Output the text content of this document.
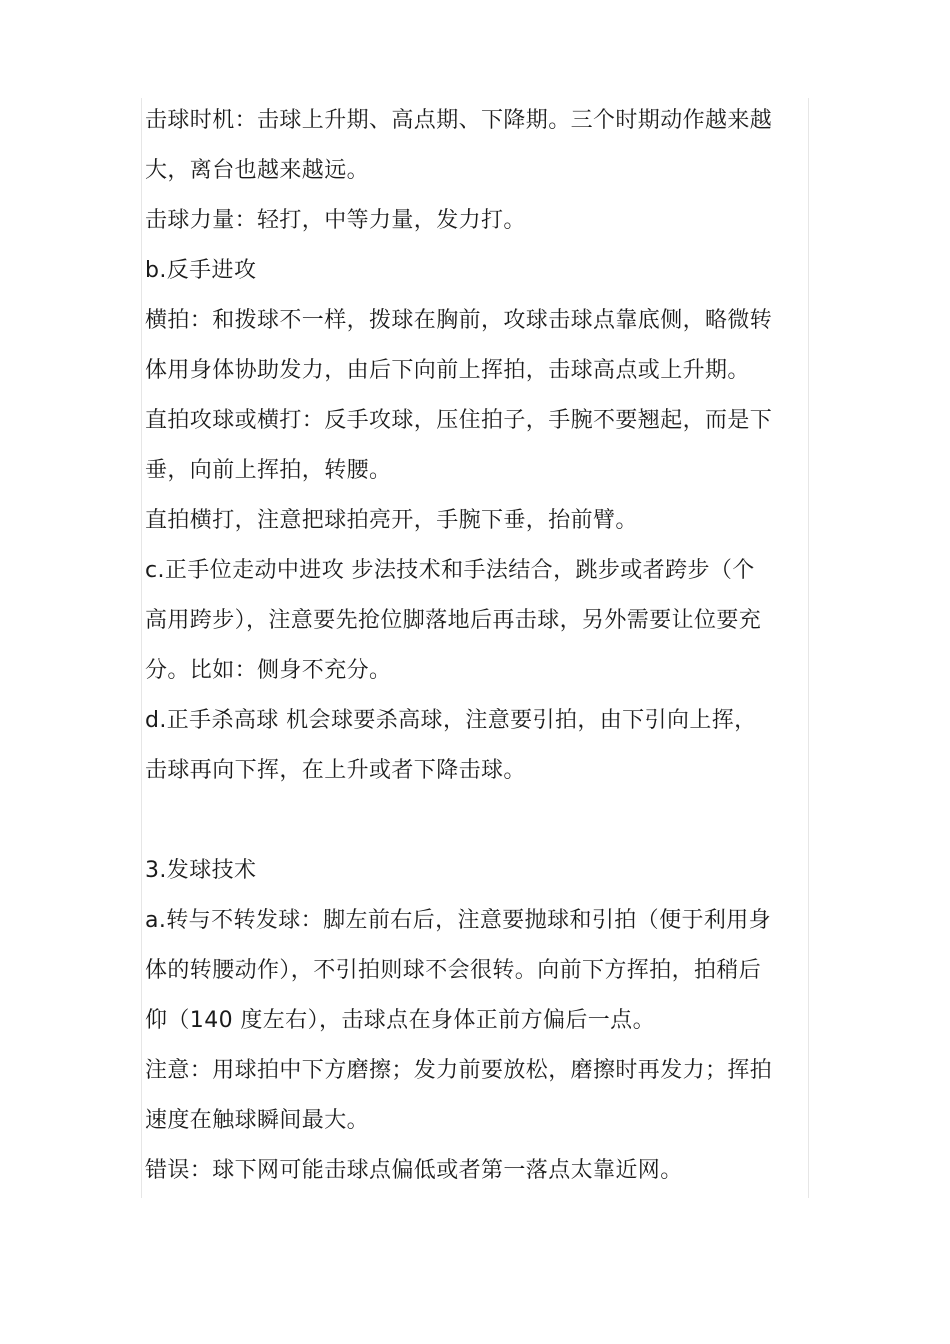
击球时机：击球上升期、高点期、下降期。三个时期动作越来越
大，离台也越来越远。
击球力量：轻打，中等力量，发力打。
b.反手进攻
横拍：和拨球不一样，拨球在胸前，攻球击球点靠底侧，略微转
体用身体协助发力，由后下向前上挥拍，击球高点或上升期。
直拍攻球或横打：反手攻球，压住拍子，手腕不要翘起，而是下
垂，向前上挥拍，转腰。
直拍横打，注意把球拍亮开，手腕下垂，抬前臂。
c.正手位走动中进攻 步法技术和手法结合，跳步或者跨步（个
高用跨步），注意要先抢位脚落地后再击球，另外需要让位要充
分。比如：侧身不充分。
d.正手杀高球 机会球要杀高球，注意要引拍，由下引向上挥，
击球再向下挥，在上升或者下降击球。
3.发球技术
a.转与不转发球：脚左前右后，注意要抛球和引拍（便于利用身
体的转腰动作），不引拍则球不会很转。向前下方挥拍，拍稍后
仰（140 度左右），击球点在身体正前方偏后一点。
注意：用球拍中下方磨擦；发力前要放松，磨擦时再发力；挥拍
速度在触球瞬间最大。
错误：球下网可能击球点偏低或者第一落点太靠近网。
